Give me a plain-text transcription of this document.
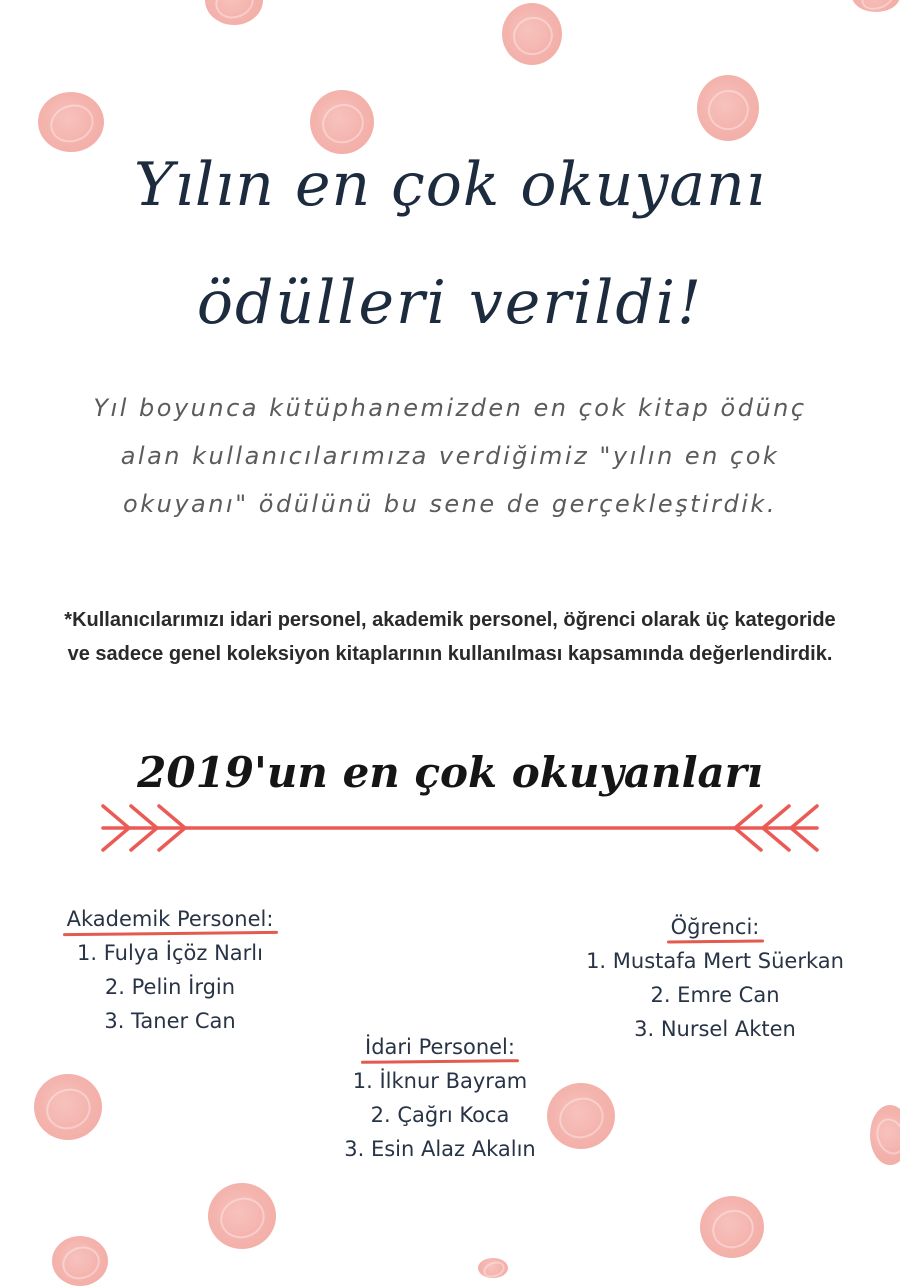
Yılın en çok okuyanı
ödülleri verildi!

Yıl boyunca kütüphanemizden en çok kitap ödünç alan kullanıcılarımıza verdiğimiz "yılın en çok okuyanı" ödülünü bu sene de gerçekleştirdik.

*Kullanıcılarımızı idari personel, akademik personel, öğrenci olarak üç kategoride ve sadece genel koleksiyon kitaplarının kullanılması kapsamında değerlendirdik.

2019'un en çok okuyanları
Akademik Personel:
1. Fulya İçöz Narlı
2. Pelin İrgin
3. Taner Can
Öğrenci:
1. Mustafa Mert Süerkan
2. Emre Can
3. Nursel Akten
İdari Personel:
1. İlknur Bayram
2. Çağrı Koca
3. Esin Alaz Akalın
